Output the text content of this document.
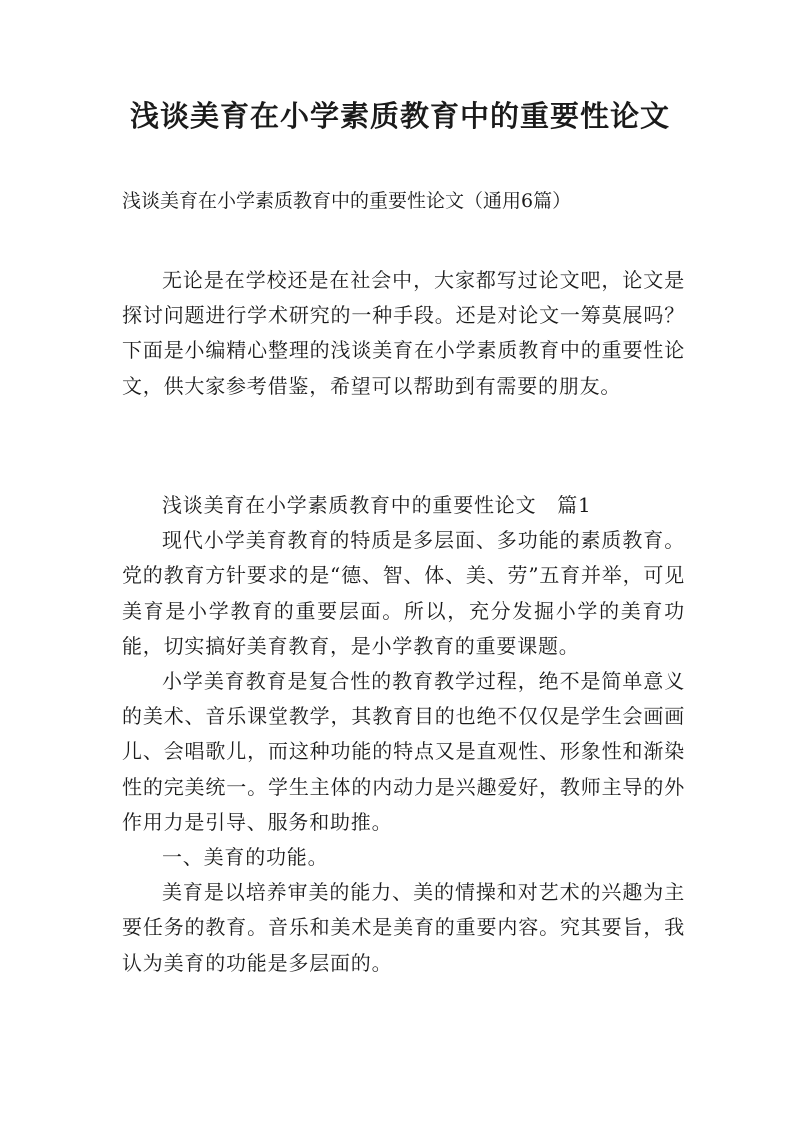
浅谈美育在小学素质教育中的重要性论文

浅谈美育在小学素质教育中的重要性论文（通用6篇）

无论是在学校还是在社会中，大家都写过论文吧，论文是探讨问题进行学术研究的一种手段。还是对论文一筹莫展吗？下面是小编精心整理的浅谈美育在小学素质教育中的重要性论文，供大家参考借鉴，希望可以帮助到有需要的朋友。

浅谈美育在小学素质教育中的重要性论文　篇1

现代小学美育教育的特质是多层面、多功能的素质教育。党的教育方针要求的是“德、智、体、美、劳”五育并举，可见美育是小学教育的重要层面。所以，充分发掘小学的美育功能，切实搞好美育教育，是小学教育的重要课题。

小学美育教育是复合性的教育教学过程，绝不是简单意义的美术、音乐课堂教学，其教育目的也绝不仅仅是学生会画画儿、会唱歌儿，而这种功能的特点又是直观性、形象性和渐染性的完美统一。学生主体的内动力是兴趣爱好，教师主导的外作用力是引导、服务和助推。

一、美育的功能。

美育是以培养审美的能力、美的情操和对艺术的兴趣为主要任务的教育。音乐和美术是美育的重要内容。究其要旨，我认为美育的功能是多层面的。
